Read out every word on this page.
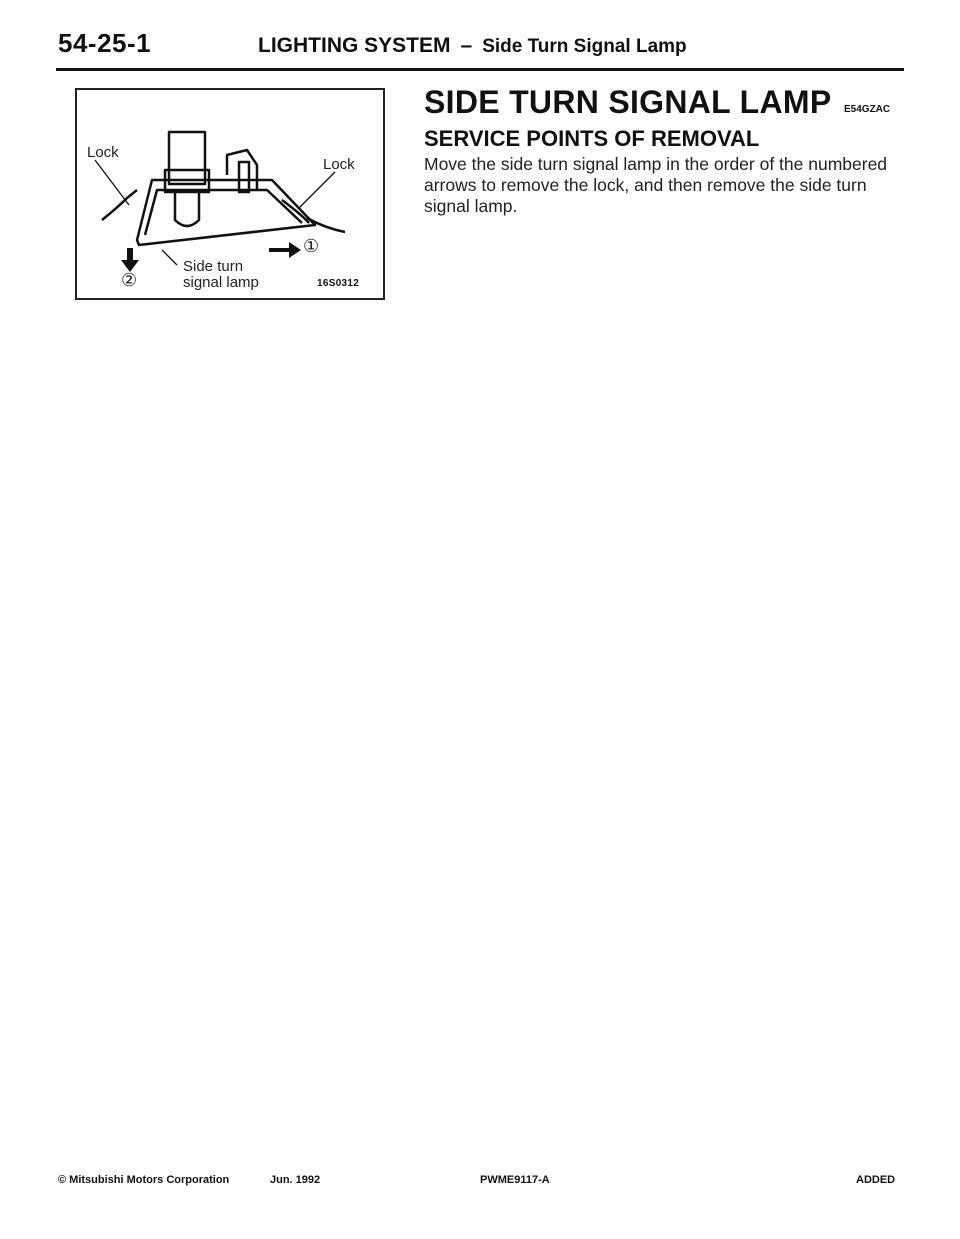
54-25-1	LIGHTING SYSTEM – Side Turn Signal Lamp
Lock
Lock
①
②
Side turn
signal lamp	16S0312
SIDE TURN SIGNAL LAMP E54GZAC
SERVICE POINTS OF REMOVAL
Move the side turn signal lamp in the order of the numbered arrows to remove the lock, and then remove the side turn signal lamp.
© Mitsubishi Motors Corporation	Jun. 1992	PWME9117-A	ADDED
